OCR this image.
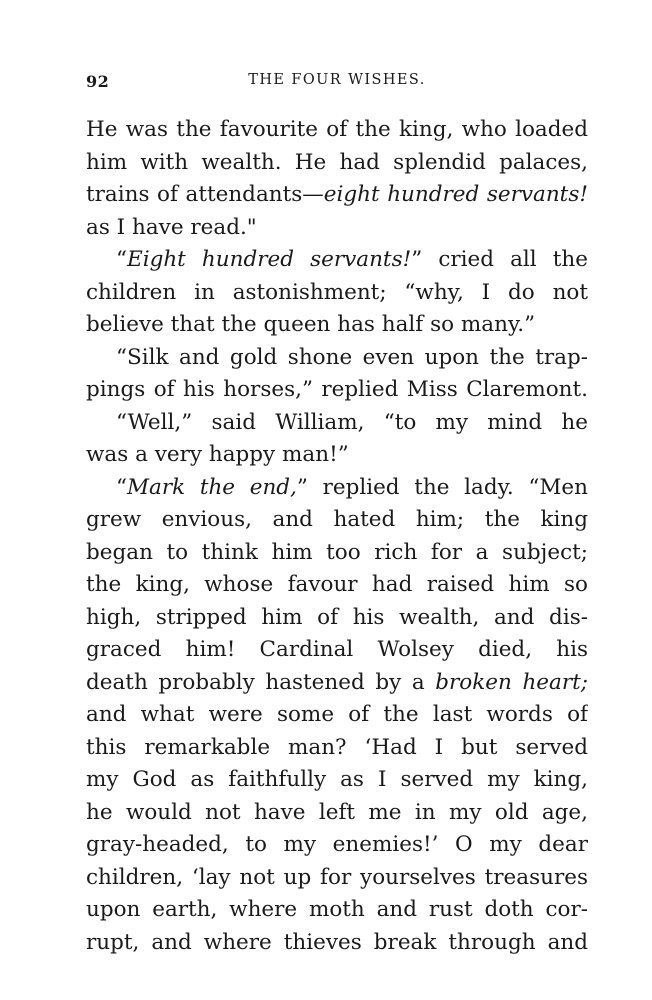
92	THE FOUR WISHES.
He was the favourite of the king, who loaded
him with wealth. He had splendid palaces,
trains of attendants—eight hundred servants!
as I have read."
“Eight hundred servants!” cried all the
children in astonishment; “why, I do not
believe that the queen has half so many.”
“Silk and gold shone even upon the trap-
pings of his horses,” replied Miss Claremont.
“Well,” said William, “to my mind he
was a very happy man!”
“Mark the end,” replied the lady. “Men
grew envious, and hated him; the king
began to think him too rich for a subject;
the king, whose favour had raised him so
high, stripped him of his wealth, and dis-
graced him! Cardinal Wolsey died, his
death probably hastened by a broken heart;
and what were some of the last words of
this remarkable man? ‘Had I but served
my God as faithfully as I served my king,
he would not have left me in my old age,
gray-headed, to my enemies!’ O my dear
children, ‘lay not up for yourselves treasures
upon earth, where moth and rust doth cor-
rupt, and where thieves break through and
